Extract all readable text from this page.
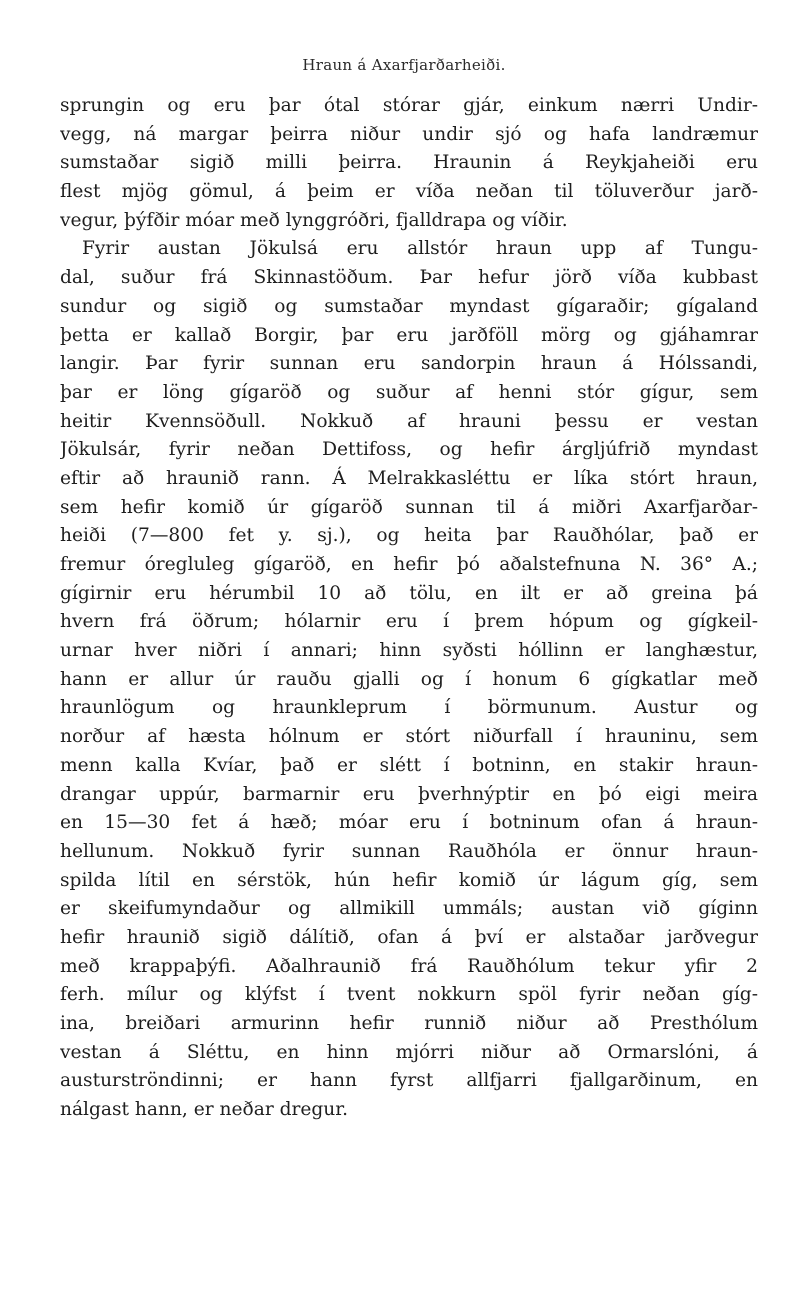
Hraun á Axarfjarðarheiði.
sprungin og eru þar ótal stórar gjár, einkum nærri Undir-
vegg, ná margar þeirra niður undir sjó og hafa landræmur
sumstaðar sigið milli þeirra. Hraunin á Reykjaheiði eru
flest mjög gömul, á þeim er víða neðan til töluverður jarð-
vegur, þýfðir móar með lynggróðri, fjalldrapa og víðir.
Fyrir austan Jökulsá eru allstór hraun upp af Tungu-
dal, suður frá Skinnastöðum. Þar hefur jörð víða kubbast
sundur og sigið og sumstaðar myndast gígaraðir; gígaland
þetta er kallað Borgir, þar eru jarðföll mörg og gjáhamrar
langir. Þar fyrir sunnan eru sandorpin hraun á Hólssandi,
þar er löng gígaröð og suður af henni stór gígur, sem
heitir Kvennsöðull. Nokkuð af hrauni þessu er vestan
Jökulsár, fyrir neðan Dettifoss, og hefir árgljúfrið myndast
eftir að hraunið rann. Á Melrakkasléttu er líka stórt hraun,
sem hefir komið úr gígaröð sunnan til á miðri Axarfjarðar-
heiði (7—800 fet y. sj.), og heita þar Rauðhólar, það er
fremur óregluleg gígaröð, en hefir þó aðalstefnuna N. 36° A.;
gígirnir eru hérumbil 10 að tölu, en ilt er að greina þá
hvern frá öðrum; hólarnir eru í þrem hópum og gígkeil-
urnar hver niðri í annari; hinn syðsti hóllinn er langhæstur,
hann er allur úr rauðu gjalli og í honum 6 gígkatlar með
hraunlögum og hraunkleprum í börmunum. Austur og
norður af hæsta hólnum er stórt niðurfall í hrauninu, sem
menn kalla Kvíar, það er slétt í botninn, en stakir hraun-
drangar uppúr, barmarnir eru þverhnýptir en þó eigi meira
en 15—30 fet á hæð; móar eru í botninum ofan á hraun-
hellunum. Nokkuð fyrir sunnan Rauðhóla er önnur hraun-
spilda lítil en sérstök, hún hefir komið úr lágum gíg, sem
er skeifumyndaður og allmikill ummáls; austan við gíginn
hefir hraunið sigið dálítið, ofan á því er alstaðar jarðvegur
með krappaþýfi. Aðalhraunið frá Rauðhólum tekur yfir 2
ferh. mílur og klýfst í tvent nokkurn spöl fyrir neðan gíg-
ina, breiðari armurinn hefir runnið niður að Presthólum
vestan á Sléttu, en hinn mjórri niður að Ormarslóni, á
austurströndinni; er hann fyrst allfjarri fjallgarðinum, en
nálgast hann, er neðar dregur.
